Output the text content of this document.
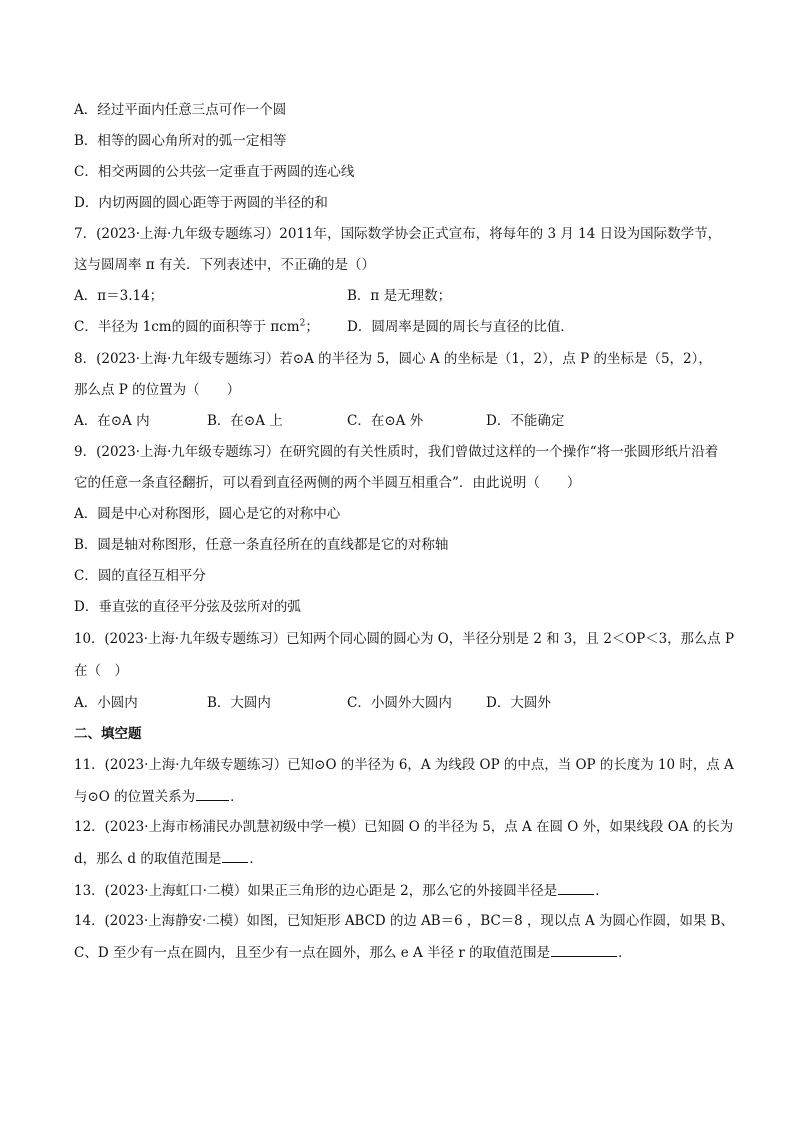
A．经过平面内任意三点可作一个圆
B．相等的圆心角所对的弧一定相等
C．相交两圆的公共弦一定垂直于两圆的连心线
D．内切两圆的圆心距等于两圆的半径的和
7．(2023·上海·九年级专题练习）2011年，国际数学协会正式宣布，将每年的 3 月 14 日设为国际数学节，
这与圆周率 π 有关．下列表述中，不正确的是（）
A．π＝3.14；	B．π 是无理数；
C．半径为 1cm的圆的面积等于 πcm$^2$； D．圆周率是圆的周长与直径的比值．
8．(2023·上海·九年级专题练习）若⊙A 的半径为 5，圆心 A 的坐标是（1，2），点 P 的坐标是（5，2），
那么点 P 的位置为（　　）
A．在⊙A 内	B．在⊙A 上	C．在⊙A 外	D．不能确定
9．(2023·上海·九年级专题练习）在研究圆的有关性质时，我们曾做过这样的一个操作“将一张圆形纸片沿着
它的任意一条直径翻折，可以看到直径两侧的两个半圆互相重合”．由此说明（　　）
A．圆是中心对称图形，圆心是它的对称中心
B．圆是轴对称图形，任意一条直径所在的直线都是它的对称轴
C．圆的直径互相平分
D．垂直弦的直径平分弦及弦所对的弧
10．(2023·上海·九年级专题练习）已知两个同心圆的圆心为 O，半径分别是 2 和 3，且 2＜OP＜3，那么点 P
在（　）
A．小圆内	B．大圆内	C．小圆外大圆内	D．大圆外
二、填空题
11．(2023·上海·九年级专题练习）已知⊙O 的半径为 6，A 为线段 OP 的中点，当 OP 的长度为 10 时，点 A
与⊙O 的位置关系为	．
12．(2023·上海市杨浦民办凯慧初级中学一模）已知圆 O 的半径为 5，点 A 在圆 O 外，如果线段 OA 的长为
d，那么 d 的取值范围是 ．
13．(2023·上海虹口·二模）如果正三角形的边心距是 2，那么它的外接圆半径是	．
14．(2023·上海静安·二模）如图，已知矩形 ABCD 的边 AB＝6 ，BC＝8 ，现以点 A 为圆心作圆，如果 B、
C、D 至少有一点在圆内，且至少有一点在圆外，那么 e A 半径 r 的取值范围是	．
